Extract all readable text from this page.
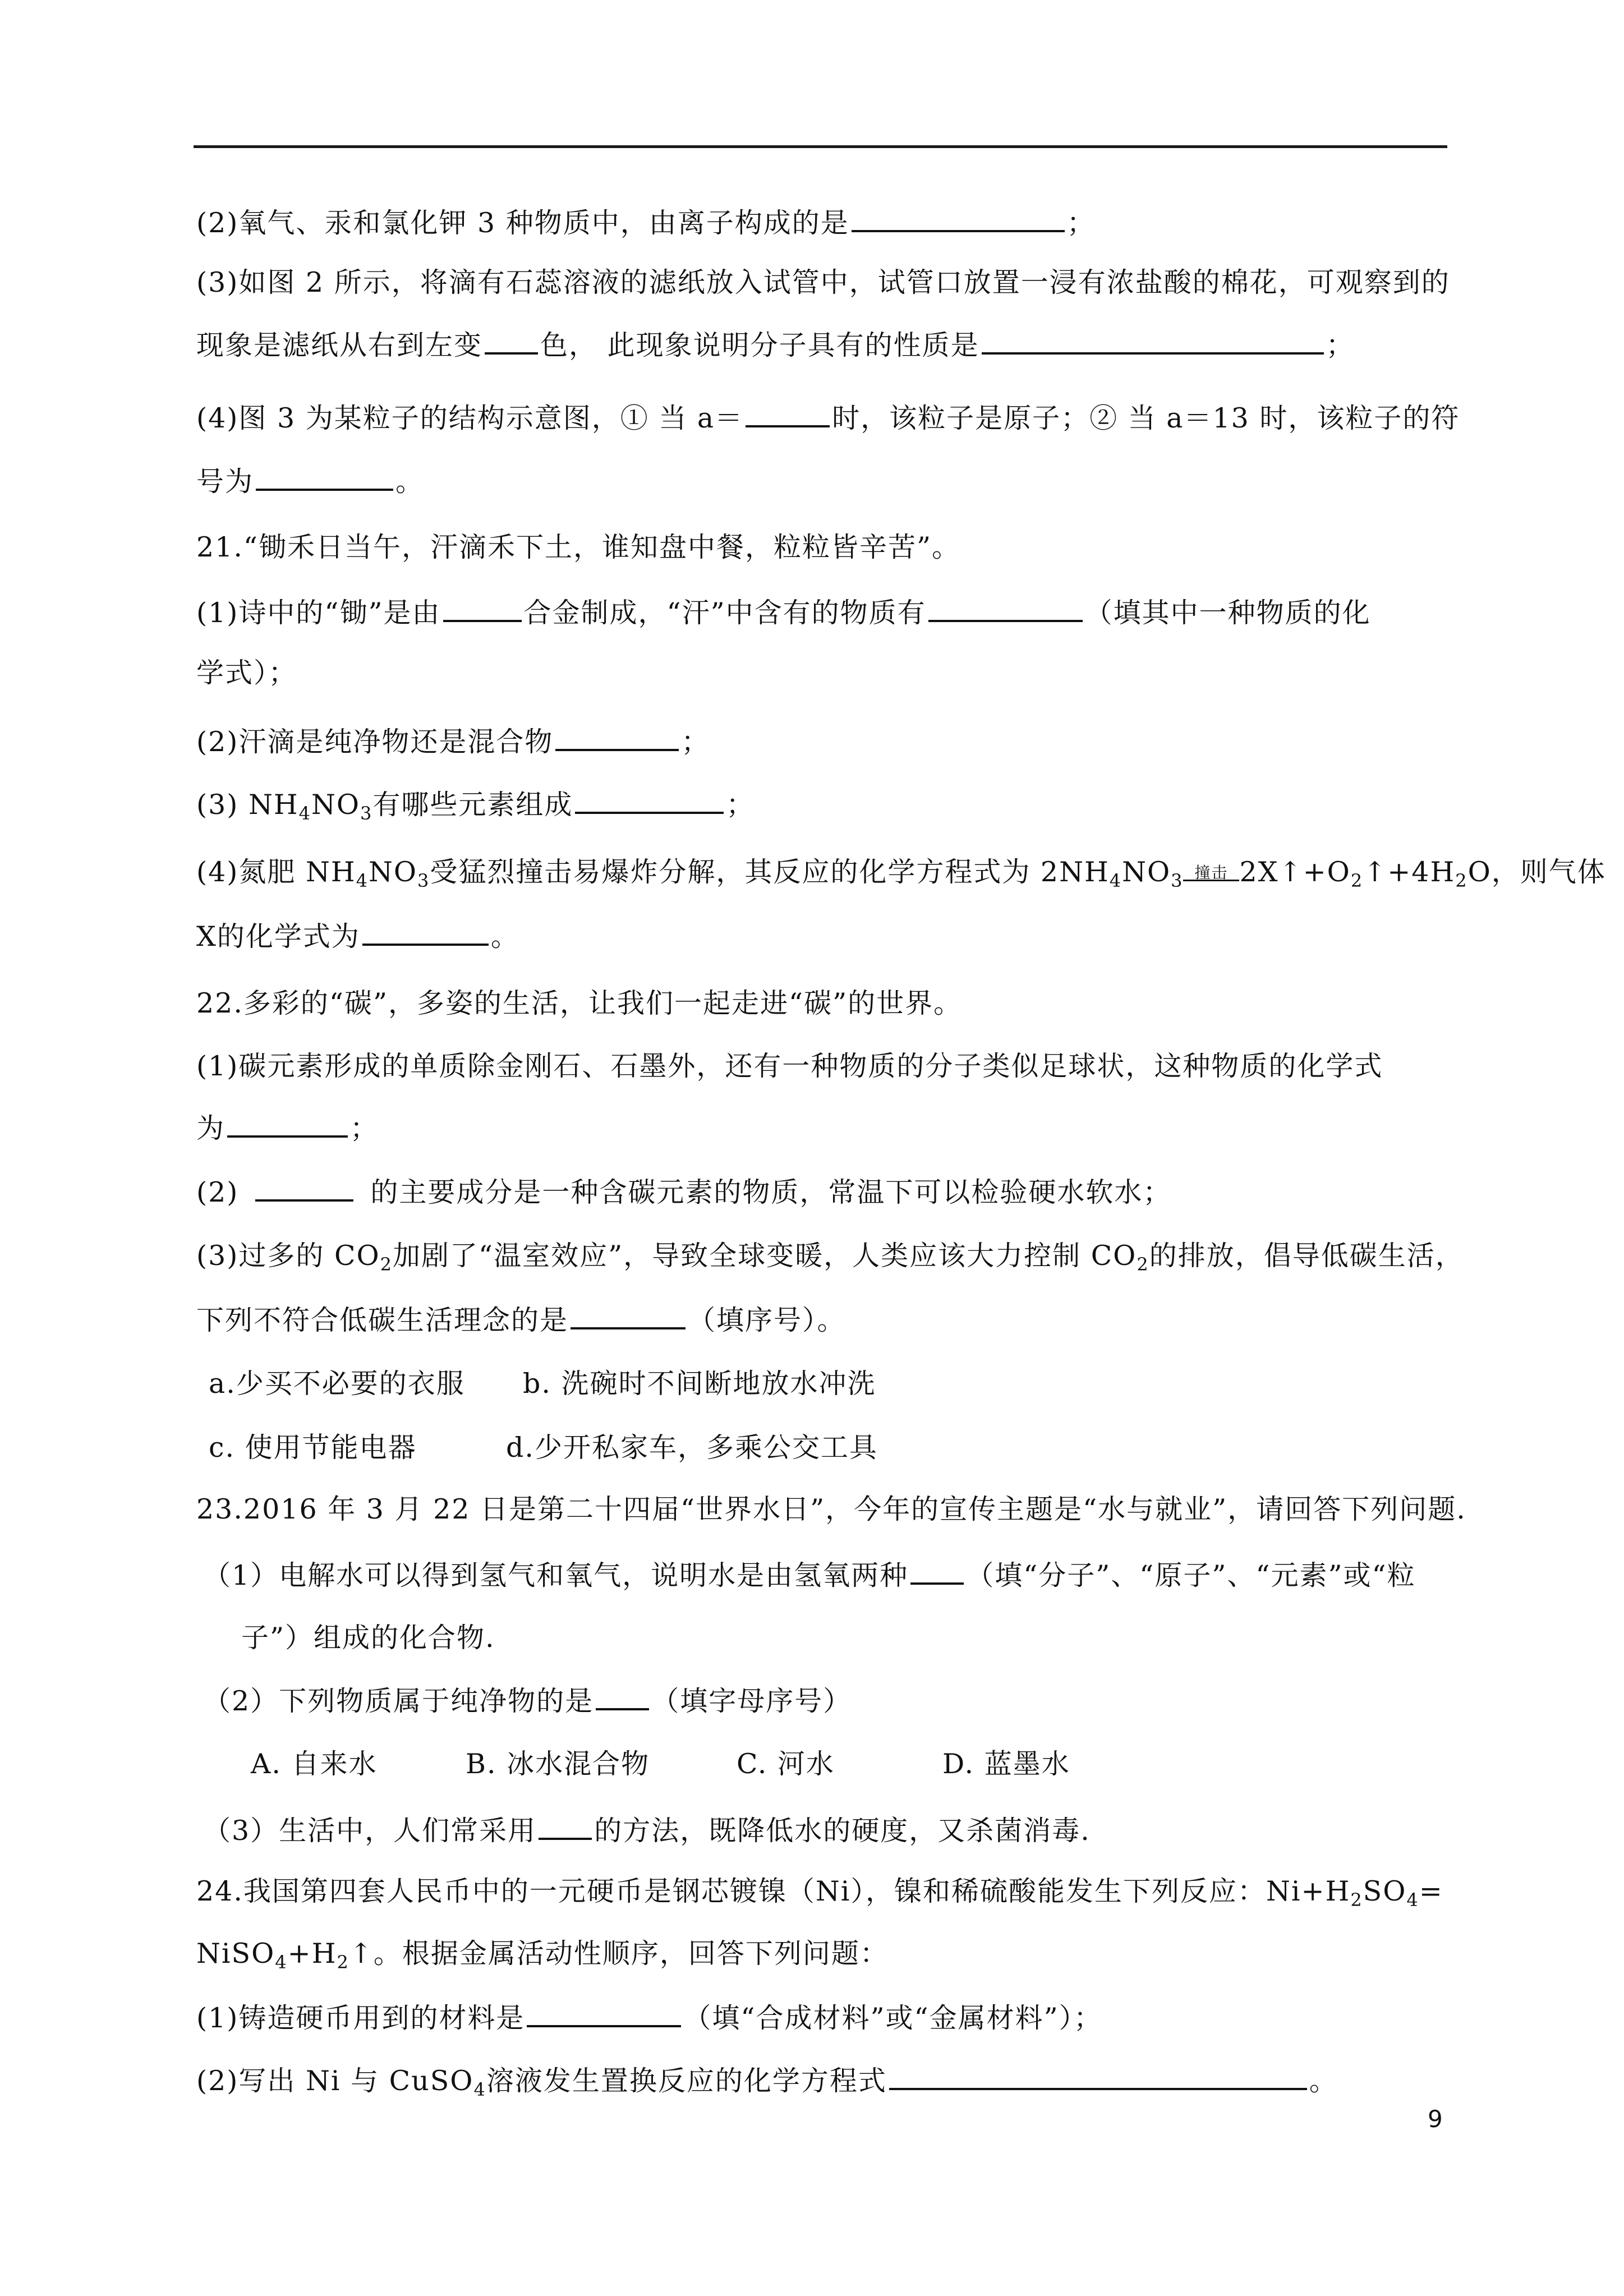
(2)氧气、汞和氯化钾 3 种物质中，由离子构成的是	；
(3)如图 2 所示，将滴有石蕊溶液的滤纸放入试管中，试管口放置一浸有浓盐酸的棉花，可观察到的
现象是滤纸从右到左变 色， 此现象说明分子具有的性质是	；
(4)图 3 为某粒子的结构示意图，① 当 a＝	时，该粒子是原子；② 当 a＝13 时，该粒子的符
号为	。
21.“锄禾日当午，汗滴禾下土，谁知盘中餐，粒粒皆辛苦”。
(1)诗中的“锄”是由	合金制成，“汗”中含有的物质有	（填其中一种物质的化
学式）；
(2)汗滴是纯净物还是混合物	；
(3) $NH_4NO_3$有哪些元素组成	；
(4)氮肥 $NH_4NO_3$受猛烈撞击易爆炸分解，其反应的化学方程式为 $2NH_4NO_3$ 撞击 $2X↑+O_2↑+4H_2O$，则气体
X的化学式为	。
22.多彩的“碳”，多姿的生活，让我们一起走进“碳”的世界。
(1)碳元素形成的单质除金刚石、石墨外，还有一种物质的分子类似足球状，这种物质的化学式
为	；
(2)	的主要成分是一种含碳元素的物质，常温下可以检验硬水软水；
(3)过多的 $CO_2$加剧了“温室效应”，导致全球变暖，人类应该大力控制 $CO_2$的排放，倡导低碳生活，
下列不符合低碳生活理念的是	（填序号）。
a.少买不必要的衣服 b. 洗碗时不间断地放水冲洗
c. 使用节能电器	d.少开私家车，多乘公交工具
23.2016 年 3 月 22 日是第二十四届“世界水日”，今年的宣传主题是“水与就业”，请回答下列问题.
（1）电解水可以得到氢气和氧气，说明水是由氢氧两种 （填“分子”、“原子”、“元素”或“粒
子”）组成的化合物.
（2）下列物质属于纯净物的是 （填字母序号）
A. 自来水	B. 冰水混合物	C. 河水	D. 蓝墨水
（3）生活中，人们常采用 的方法，既降低水的硬度，又杀菌消毒.
24.我国第四套人民币中的一元硬币是钢芯镀镍（Ni），镍和稀硫酸能发生下列反应：$Ni+H_2SO_4=$
$NiSO_4+H_2↑$。根据金属活动性顺序，回答下列问题：
(1)铸造硬币用到的材料是	（填“合成材料”或“金属材料”）；
(2)写出 Ni 与 CuSO$_4$溶液发生置换反应的化学方程式	。
9
